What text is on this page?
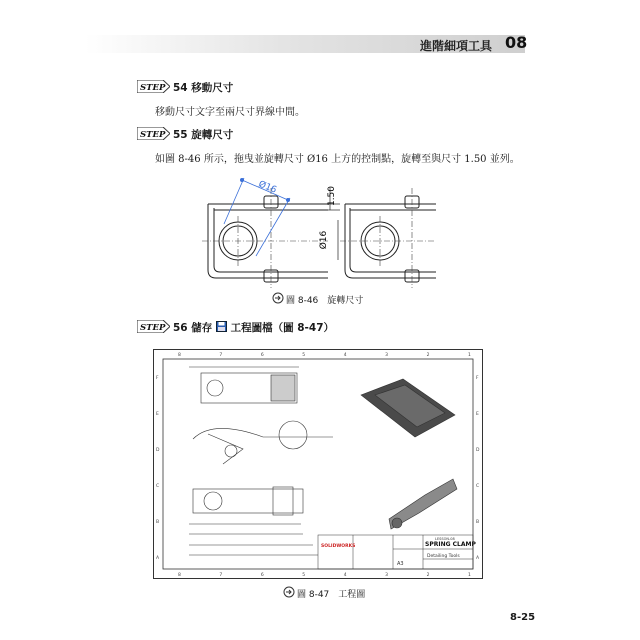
進階細項工具 08
STEP 54 移動尺寸
移動尺寸文字至兩尺寸界線中間。
STEP 55 旋轉尺寸
如圖 8-46 所示，拖曳並旋轉尺寸 Ø16 上方的控制點，旋轉至與尺寸 1.50 並列。
Ø16	1.50
Ø16
圖 8-46　旋轉尺寸
STEP 56 儲存 工程圖檔（圖 8-47）
8
8
7
7
6
6
5
5
4
4
3
3
2
2
1
1
F	F
E	E
D	D
C	C
B	B
A	A
SOLIDWORKS	SPRING CLAMP
LESSON-08
A3
Detailing Tools
圖 8-47　工程圖
8-25
